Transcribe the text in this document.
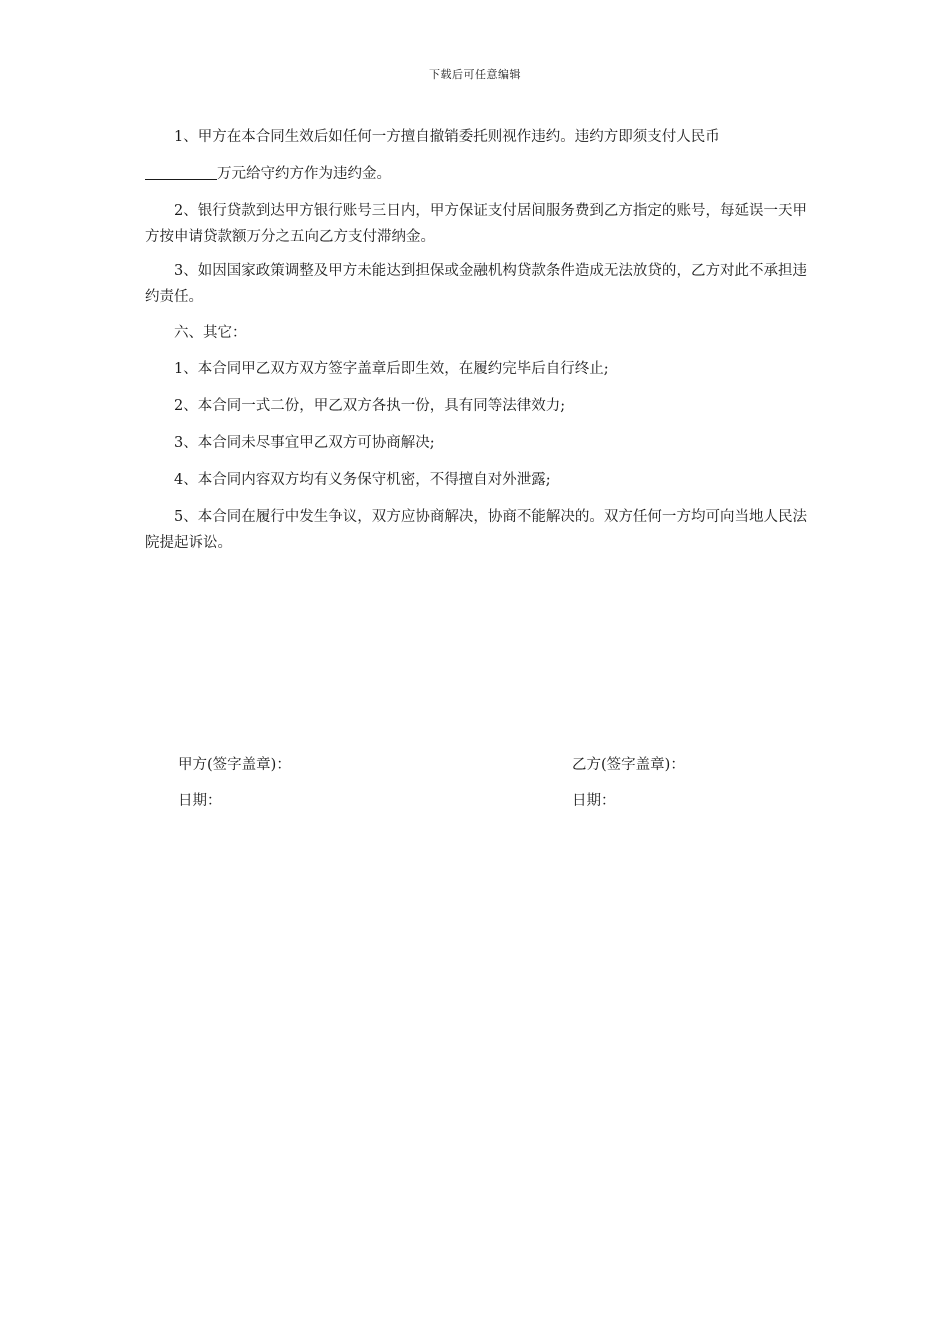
下载后可任意编辑

1、甲方在本合同生效后如任何一方擅自撤销委托则视作违约。违约方即须支付人民币

万元给守约方作为违约金。

2、银行贷款到达甲方银行账号三日内，甲方保证支付居间服务费到乙方指定的账号，每延误一天甲方按申请贷款额万分之五向乙方支付滞纳金。

3、如因国家政策调整及甲方未能达到担保或金融机构贷款条件造成无法放贷的，乙方对此不承担违约责任。

六、其它：

1、本合同甲乙双方双方签字盖章后即生效，在履约完毕后自行终止;

2、本合同一式二份，甲乙双方各执一份，具有同等法律效力;

3、本合同未尽事宜甲乙双方可协商解决;

4、本合同内容双方均有义务保守机密，不得擅自对外泄露;

5、本合同在履行中发生争议，双方应协商解决，协商不能解决的。双方任何一方均可向当地人民法院提起诉讼。

甲方(签字盖章)：	乙方(签字盖章)：
日期：	日期：
